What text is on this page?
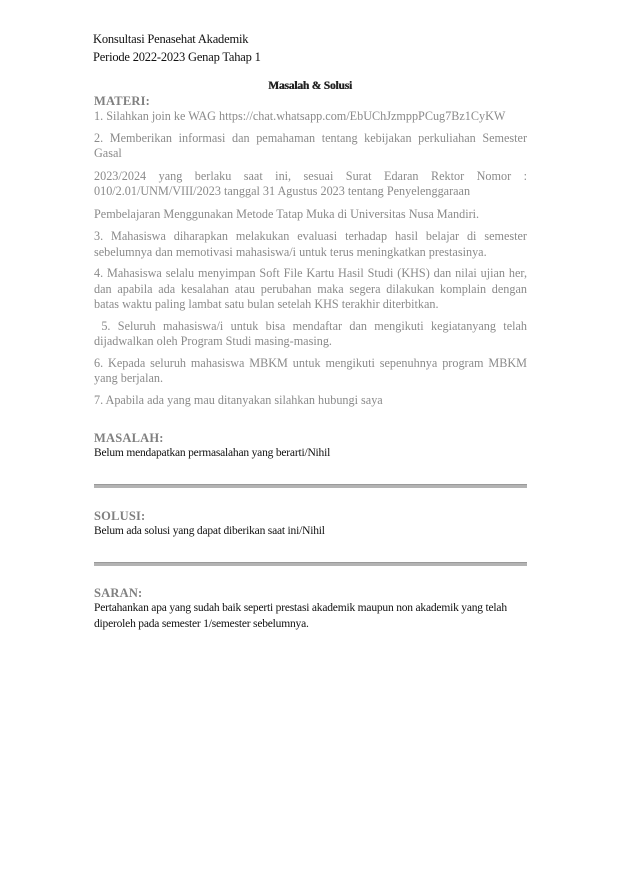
Konsultasi Penasehat Akademik
Periode 2022-2023 Genap Tahap 1
Masalah & Solusi
MATERI:

1. Silahkan join ke WAG https://chat.whatsapp.com/EbUChJzmppPCug7Bz1CyKW

2. Memberikan informasi dan pemahaman tentang kebijakan perkuliahan Semester Gasal

2023/2024 yang berlaku saat ini, sesuai Surat Edaran Rektor Nomor : 010/2.01/UNM/VIII/2023 tanggal 31 Agustus 2023 tentang Penyelenggaraan

Pembelajaran Menggunakan Metode Tatap Muka di Universitas Nusa Mandiri.

3. Mahasiswa diharapkan melakukan evaluasi terhadap hasil belajar di semester sebelumnya dan memotivasi mahasiswa/i untuk terus meningkatkan prestasinya.

4. Mahasiswa selalu menyimpan Soft File Kartu Hasil Studi (KHS) dan nilai ujian her, dan apabila ada kesalahan atau perubahan maka segera dilakukan komplain dengan batas waktu paling lambat satu bulan setelah KHS terakhir diterbitkan.

5. Seluruh mahasiswa/i untuk bisa mendaftar dan mengikuti kegiatanyang telah dijadwalkan oleh Program Studi masing-masing.

6. Kepada seluruh mahasiswa MBKM untuk mengikuti sepenuhnya program MBKM yang berjalan.

7. Apabila ada yang mau ditanyakan silahkan hubungi saya

MASALAH:
Belum mendapatkan permasalahan yang berarti/Nihil
SOLUSI:
Belum ada solusi yang dapat diberikan saat ini/Nihil
SARAN:
Pertahankan apa yang sudah baik seperti prestasi akademik maupun non akademik yang telah diperoleh pada semester 1/semester sebelumnya.
